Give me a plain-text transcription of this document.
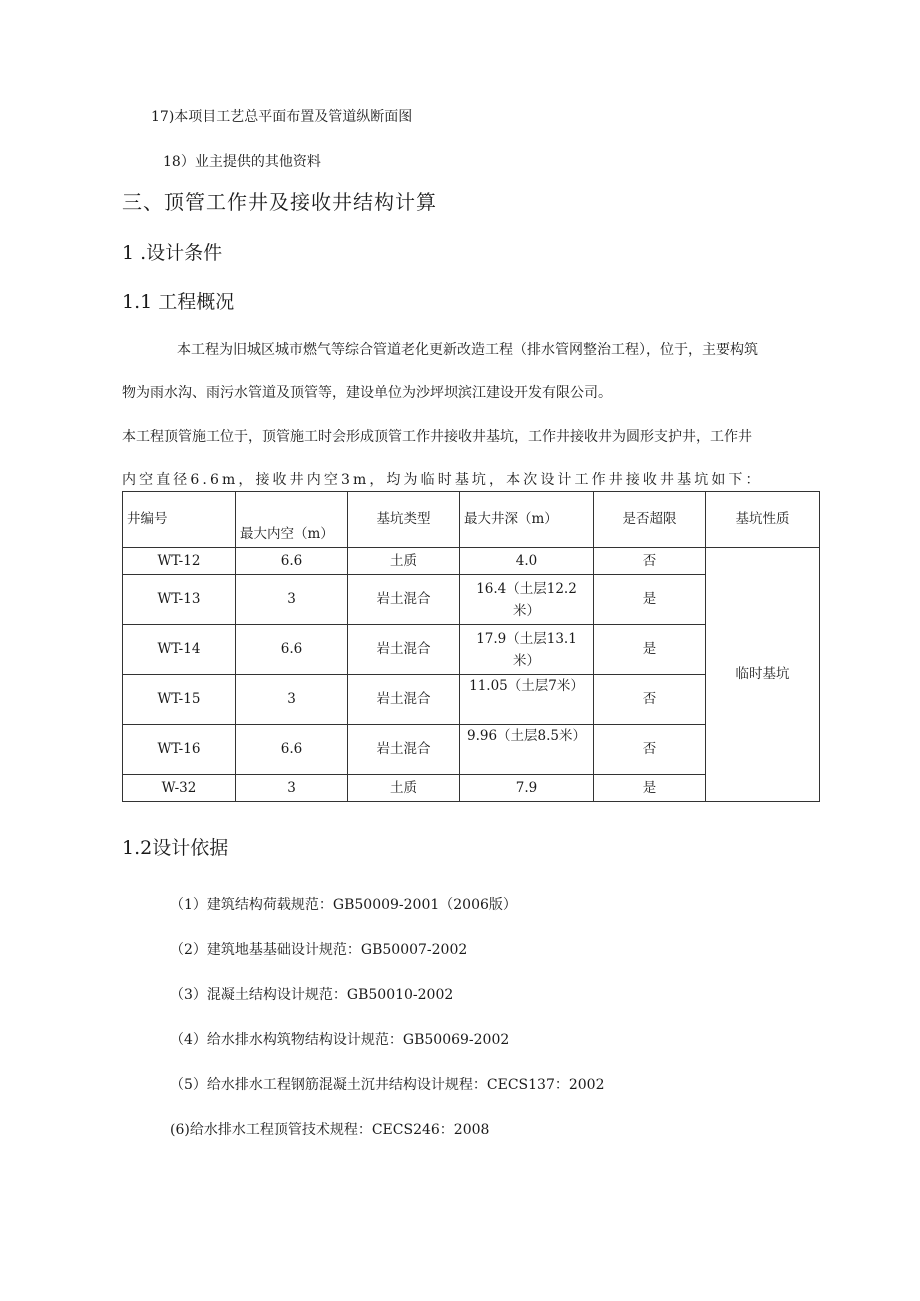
17)本项目工艺总平面布置及管道纵断面图
18）业主提供的其他资料
三、顶管工作井及接收井结构计算
1 .设计条件
1.1 工程概况
本工程为旧城区城市燃气等综合管道老化更新改造工程（排水管网整治工程），位于，主要构筑
物为雨水沟、雨污水管道及顶管等，建设单位为沙坪坝滨江建设开发有限公司。
本工程顶管施工位于，顶管施工时会形成顶管工作井接收井基坑，工作井接收井为圆形支护井，工作井
内空直径6.6m，接收井内空3m，均为临时基坑，本次设计工作井接收井基坑如下：
井编号	最大内空（m）	基坑类型	最大井深（m）	是否超限	基坑性质
WT-12	6.6	土质	4.0	否	临时基坑
WT-13	3	岩土混合	16.4（土层12.2
米）	是	
WT-14	6.6	岩土混合	17.9（土层13.1
米）	是	
WT-15	3	岩土混合	11.05（土层7米）	否	
WT-16	6.6	岩土混合	9.96（土层8.5米）	否	
W-32	3	土质	7.9	是	
1.2设计依据
（1）建筑结构荷载规范：GB50009-2001（2006版）
（2）建筑地基基础设计规范：GB50007-2002
（3）混凝土结构设计规范：GB50010-2002
（4）给水排水构筑物结构设计规范：GB50069-2002
（5）给水排水工程钢筋混凝土沉井结构设计规程：CECS137：2002
(6)给水排水工程顶管技术规程：CECS246：2008
